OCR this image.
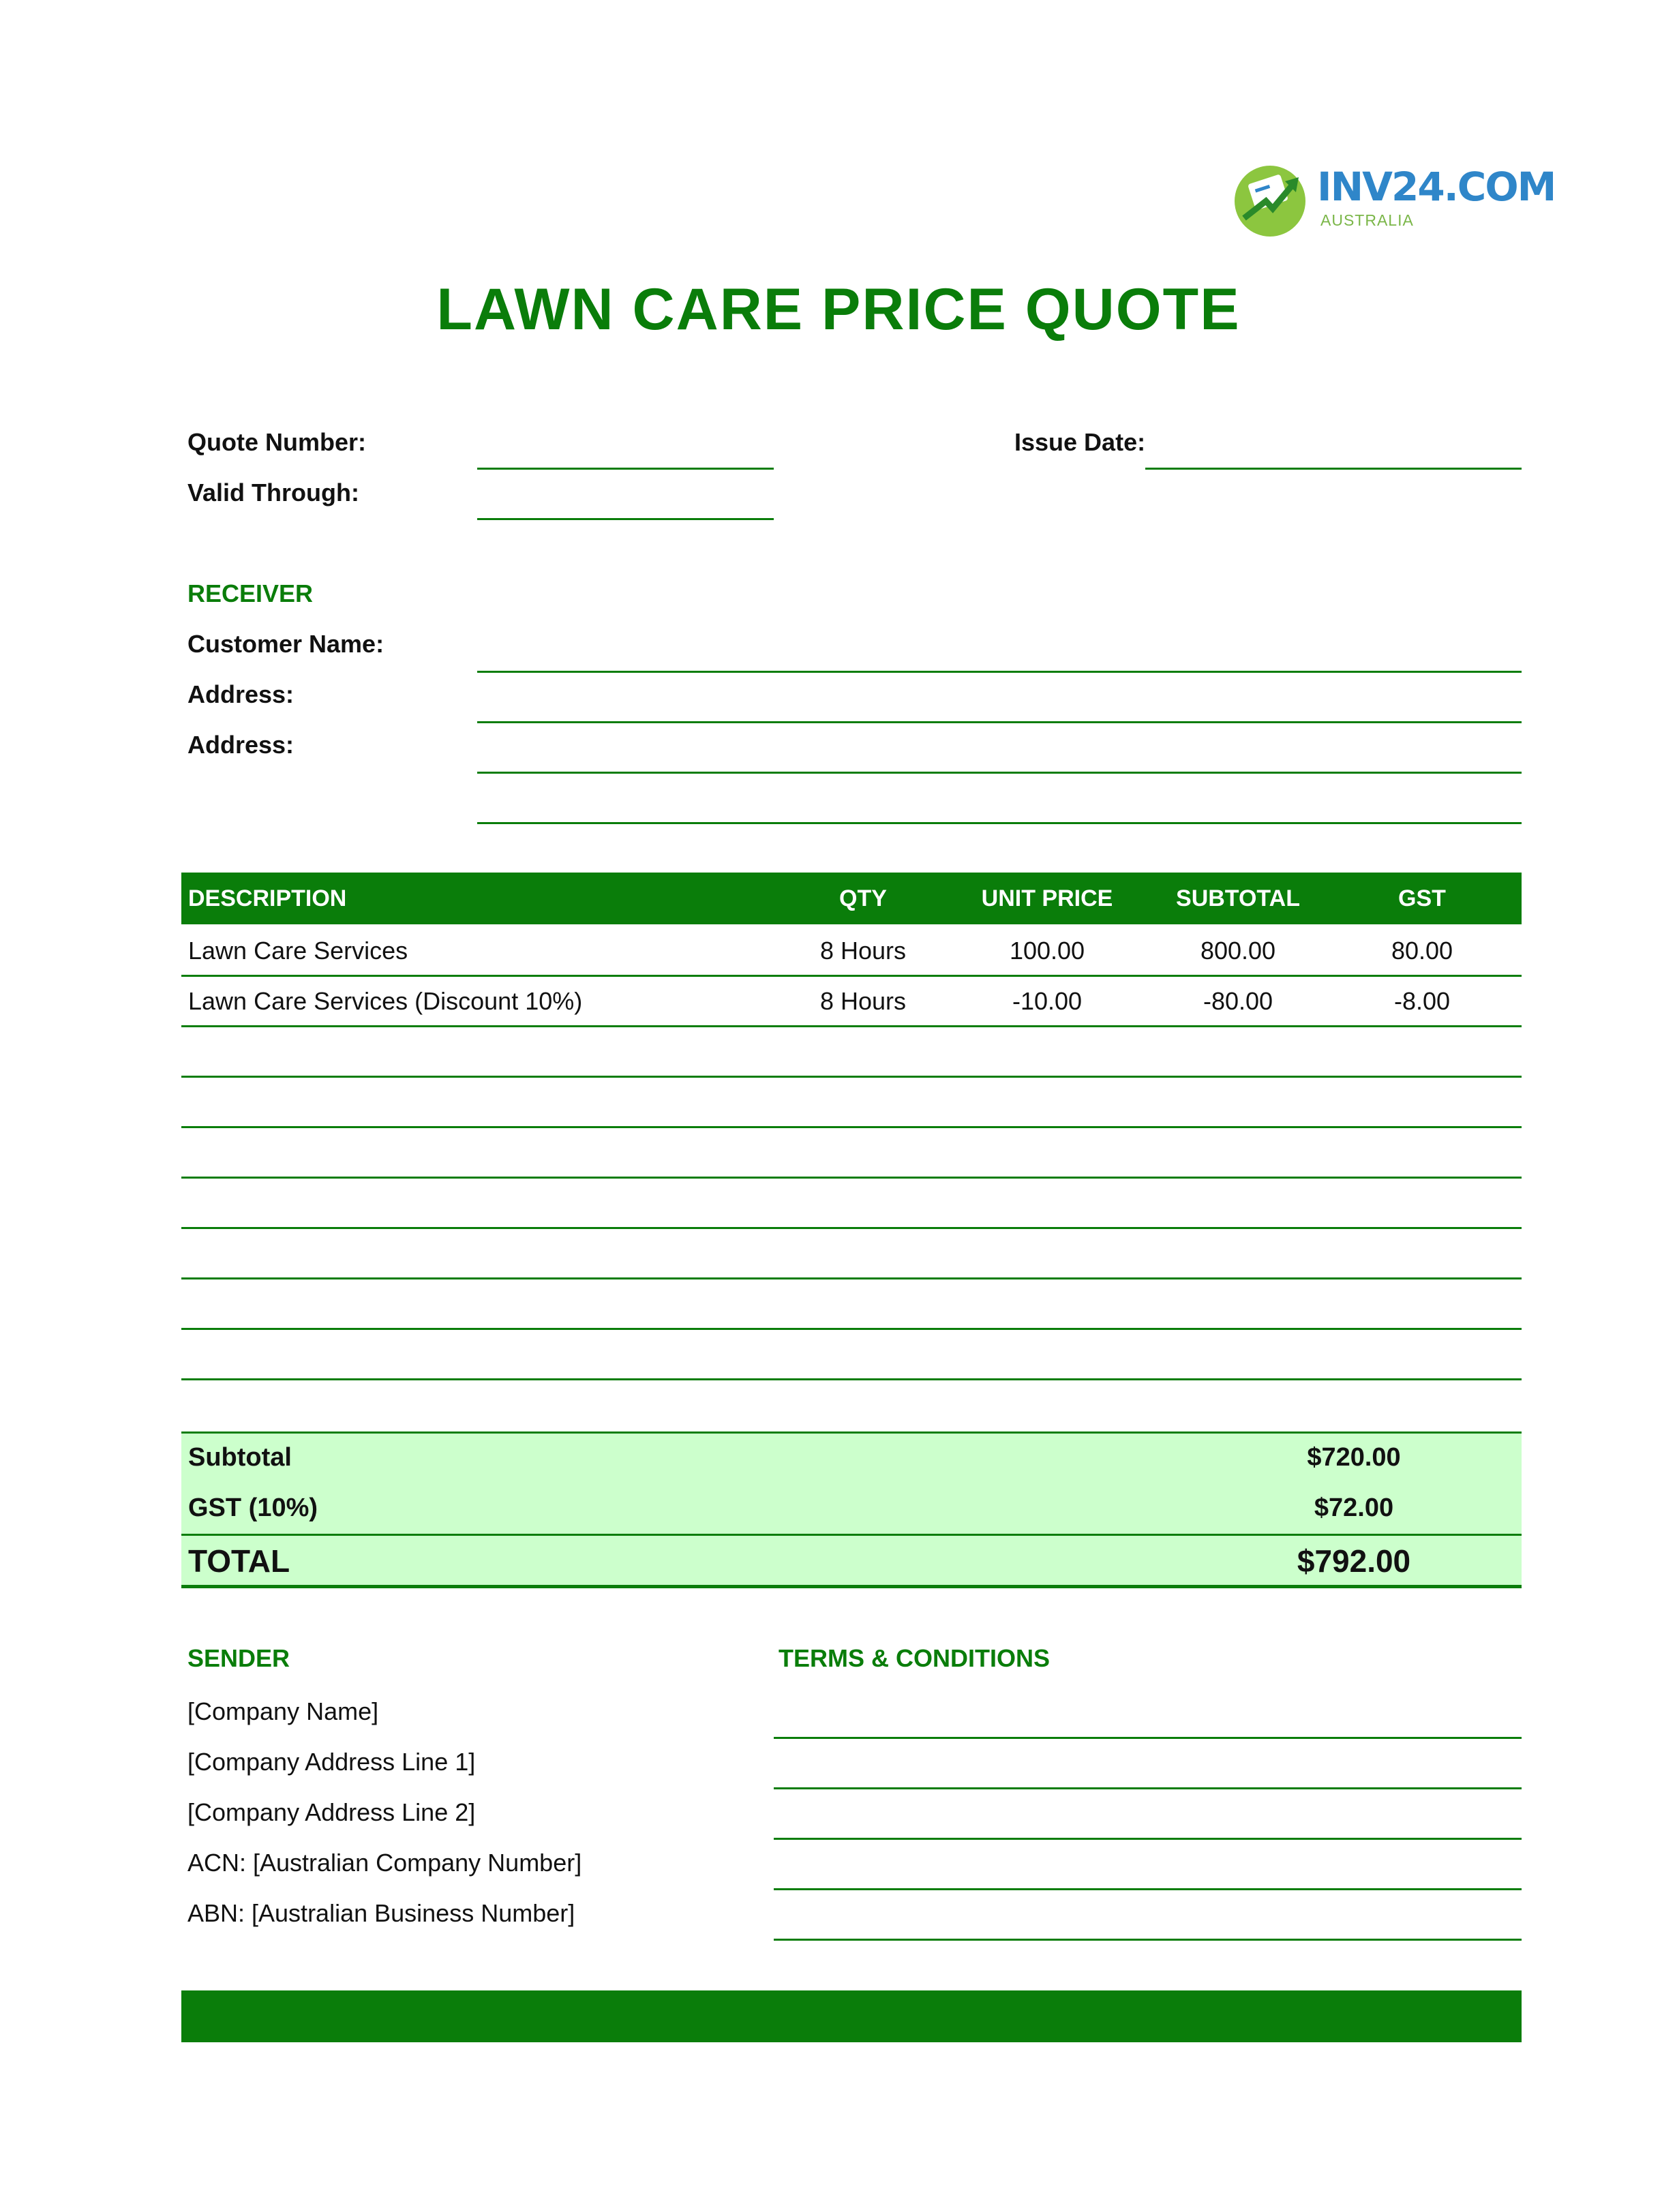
INV24.COM
AUSTRALIA
LAWN CARE PRICE QUOTE
Quote Number:
Valid Through:
Issue Date:
RECEIVER
Customer Name:
Address:
Address:
DESCRIPTION	QTY	UNIT PRICE	SUBTOTAL	GST
Lawn Care Services	8 Hours	100.00	800.00	80.00
Lawn Care Services (Discount 10%)	8 Hours	-10.00	-80.00	-8.00
Subtotal	$720.00
GST (10%)	$72.00
TOTAL	$792.00
SENDER
[Company Name]
[Company Address Line 1]
[Company Address Line 2]
ACN: [Australian Company Number]
ABN: [Australian Business Number]
TERMS & CONDITIONS
